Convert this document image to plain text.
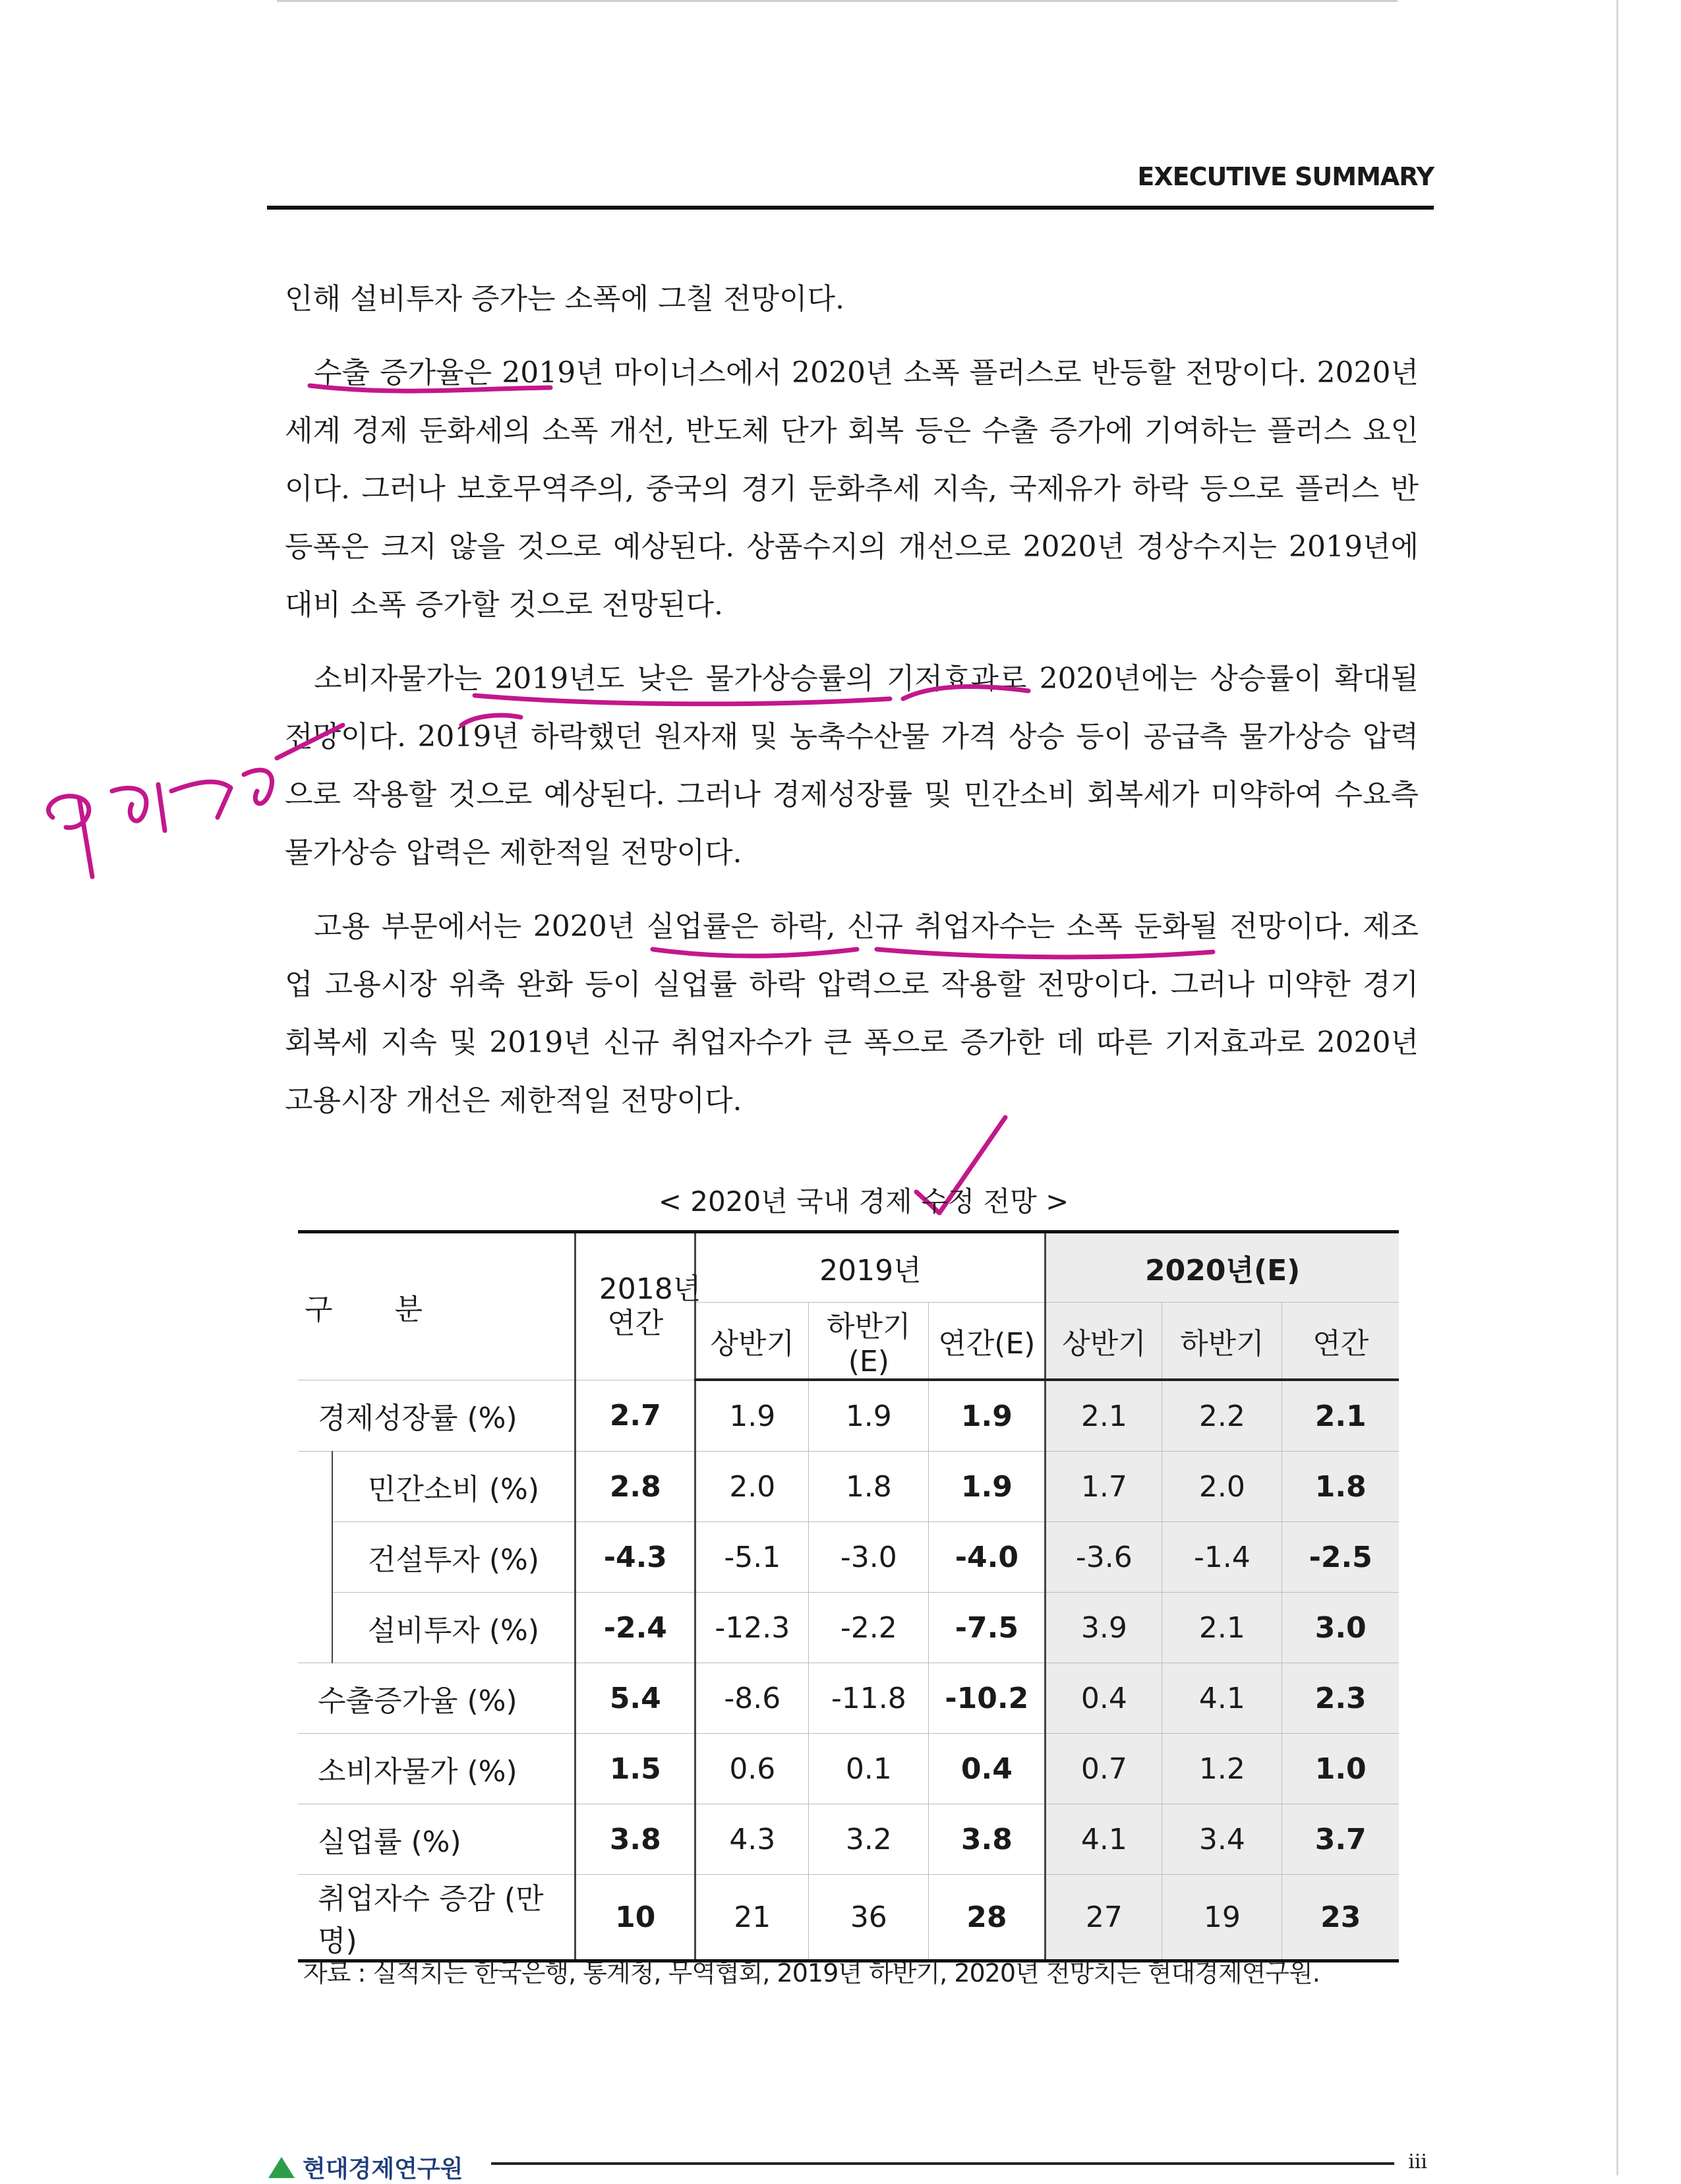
EXECUTIVE SUMMARY

인해 설비투자 증가는 소폭에 그칠 전망이다.

수출 증가율은 2019년 마이너스에서 2020년 소폭 플러스로 반등할 전망이다. 2020년 세계 경제 둔화세의 소폭 개선, 반도체 단가 회복 등은 수출 증가에 기여하는 플러스 요인이다. 그러나 보호무역주의, 중국의 경기 둔화추세 지속, 국제유가 하락 등으로 플러스 반등폭은 크지 않을 것으로 예상된다. 상품수지의 개선으로 2020년 경상수지는 2019년에 대비 소폭 증가할 것으로 전망된다.

소비자물가는 2019년도 낮은 물가상승률의 기저효과로 2020년에는 상승률이 확대될 전망이다. 2019년 하락했던 원자재 및 농축수산물 가격 상승 등이 공급측 물가상승 압력으로 작용할 것으로 예상된다. 그러나 경제성장률 및 민간소비 회복세가 미약하여 수요측 물가상승 압력은 제한적일 전망이다.

고용 부문에서는 2020년 실업률은 하락, 신규 취업자수는 소폭 둔화될 전망이다. 제조업 고용시장 위축 완화 등이 실업률 하락 압력으로 작용할 전망이다. 그러나 미약한 경기 회복세 지속 및 2019년 신규 취업자수가 큰 폭으로 증가한 데 따른 기저효과로 2020년 고용시장 개선은 제한적일 전망이다.

< 2020년 국내 경제 수정 전망 >
구　　분		2018년 연간	2019년			2020년(E)		
			상반기	하반기(E)	연간(E)	상반기	하반기	연간
경제성장률 (%)		2.7	1.9	1.9	1.9	2.1	2.2	2.1
	민간소비 (%)	2.8	2.0	1.8	1.9	1.7	2.0	1.8
	건설투자 (%)	-4.3	-5.1	-3.0	-4.0	-3.6	-1.4	-2.5
	설비투자 (%)	-2.4	-12.3	-2.2	-7.5	3.9	2.1	3.0
수출증가율 (%)		5.4	-8.6	-11.8	-10.2	0.4	4.1	2.3
소비자물가 (%)		1.5	0.6	0.1	0.4	0.7	1.2	1.0
실업률 (%)		3.8	4.3	3.2	3.8	4.1	3.4	3.7
취업자수 증감 (만명)		10	21	36	28	27	19	23
자료 : 실적치는 한국은행, 통계청, 무역협회, 2019년 하반기, 2020년 전망치는 현대경제연구원.
현대경제연구원	iii
